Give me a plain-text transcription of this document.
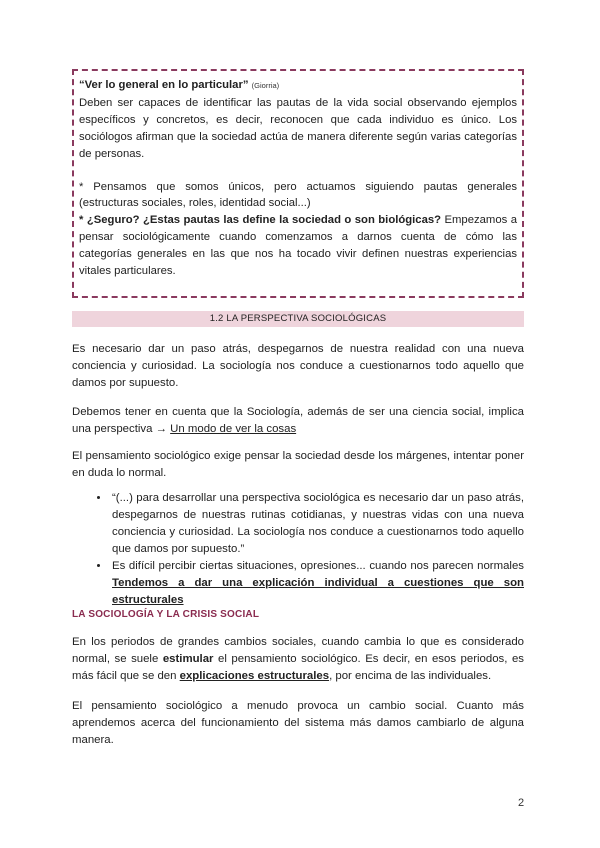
“Ver lo general en lo particular” (Giorria)

Deben ser capaces de identificar las pautas de la vida social observando ejemplos específicos y concretos, es decir, reconocen que cada individuo es único. Los sociólogos afirman que la sociedad actúa de manera diferente según varias categorías de personas.

* Pensamos que somos únicos, pero actuamos siguiendo pautas generales (estructuras sociales, roles, identidad social...)

* ¿Seguro? ¿Estas pautas las define la sociedad o son biológicas? Empezamos a pensar sociológicamente cuando comenzamos a darnos cuenta de cómo las categorías generales en las que nos ha tocado vivir definen nuestras experiencias vitales particulares.

1.2 LA PERSPECTIVA SOCIOLÓGICAS

Es necesario dar un paso atrás, despegarnos de nuestra realidad con una nueva conciencia y curiosidad. La sociología nos conduce a cuestionarnos todo aquello que damos por supuesto.

Debemos tener en cuenta que la Sociología, además de ser una ciencia social, implica una perspectiva → Un modo de ver la cosas

El pensamiento sociológico exige pensar la sociedad desde los márgenes, intentar poner en duda lo normal.

• “(...) para desarrollar una perspectiva sociológica es necesario dar un paso atrás, despegarnos de nuestras rutinas cotidianas, y nuestras vidas con una nueva conciencia y curiosidad. La sociología nos conduce a cuestionarnos todo aquello que damos por supuesto.”
• Es difícil percibir ciertas situaciones, opresiones... cuando nos parecen normales Tendemos a dar una explicación individual a cuestiones que son estructurales
LA SOCIOLOGÍA Y LA CRISIS SOCIAL

En los periodos de grandes cambios sociales, cuando cambia lo que es considerado normal, se suele estimular el pensamiento sociológico. Es decir, en esos periodos, es más fácil que se den explicaciones estructurales, por encima de las individuales.

El pensamiento sociológico a menudo provoca un cambio social. Cuanto más aprendemos acerca del funcionamiento del sistema más damos cambiarlo de alguna manera.

2
